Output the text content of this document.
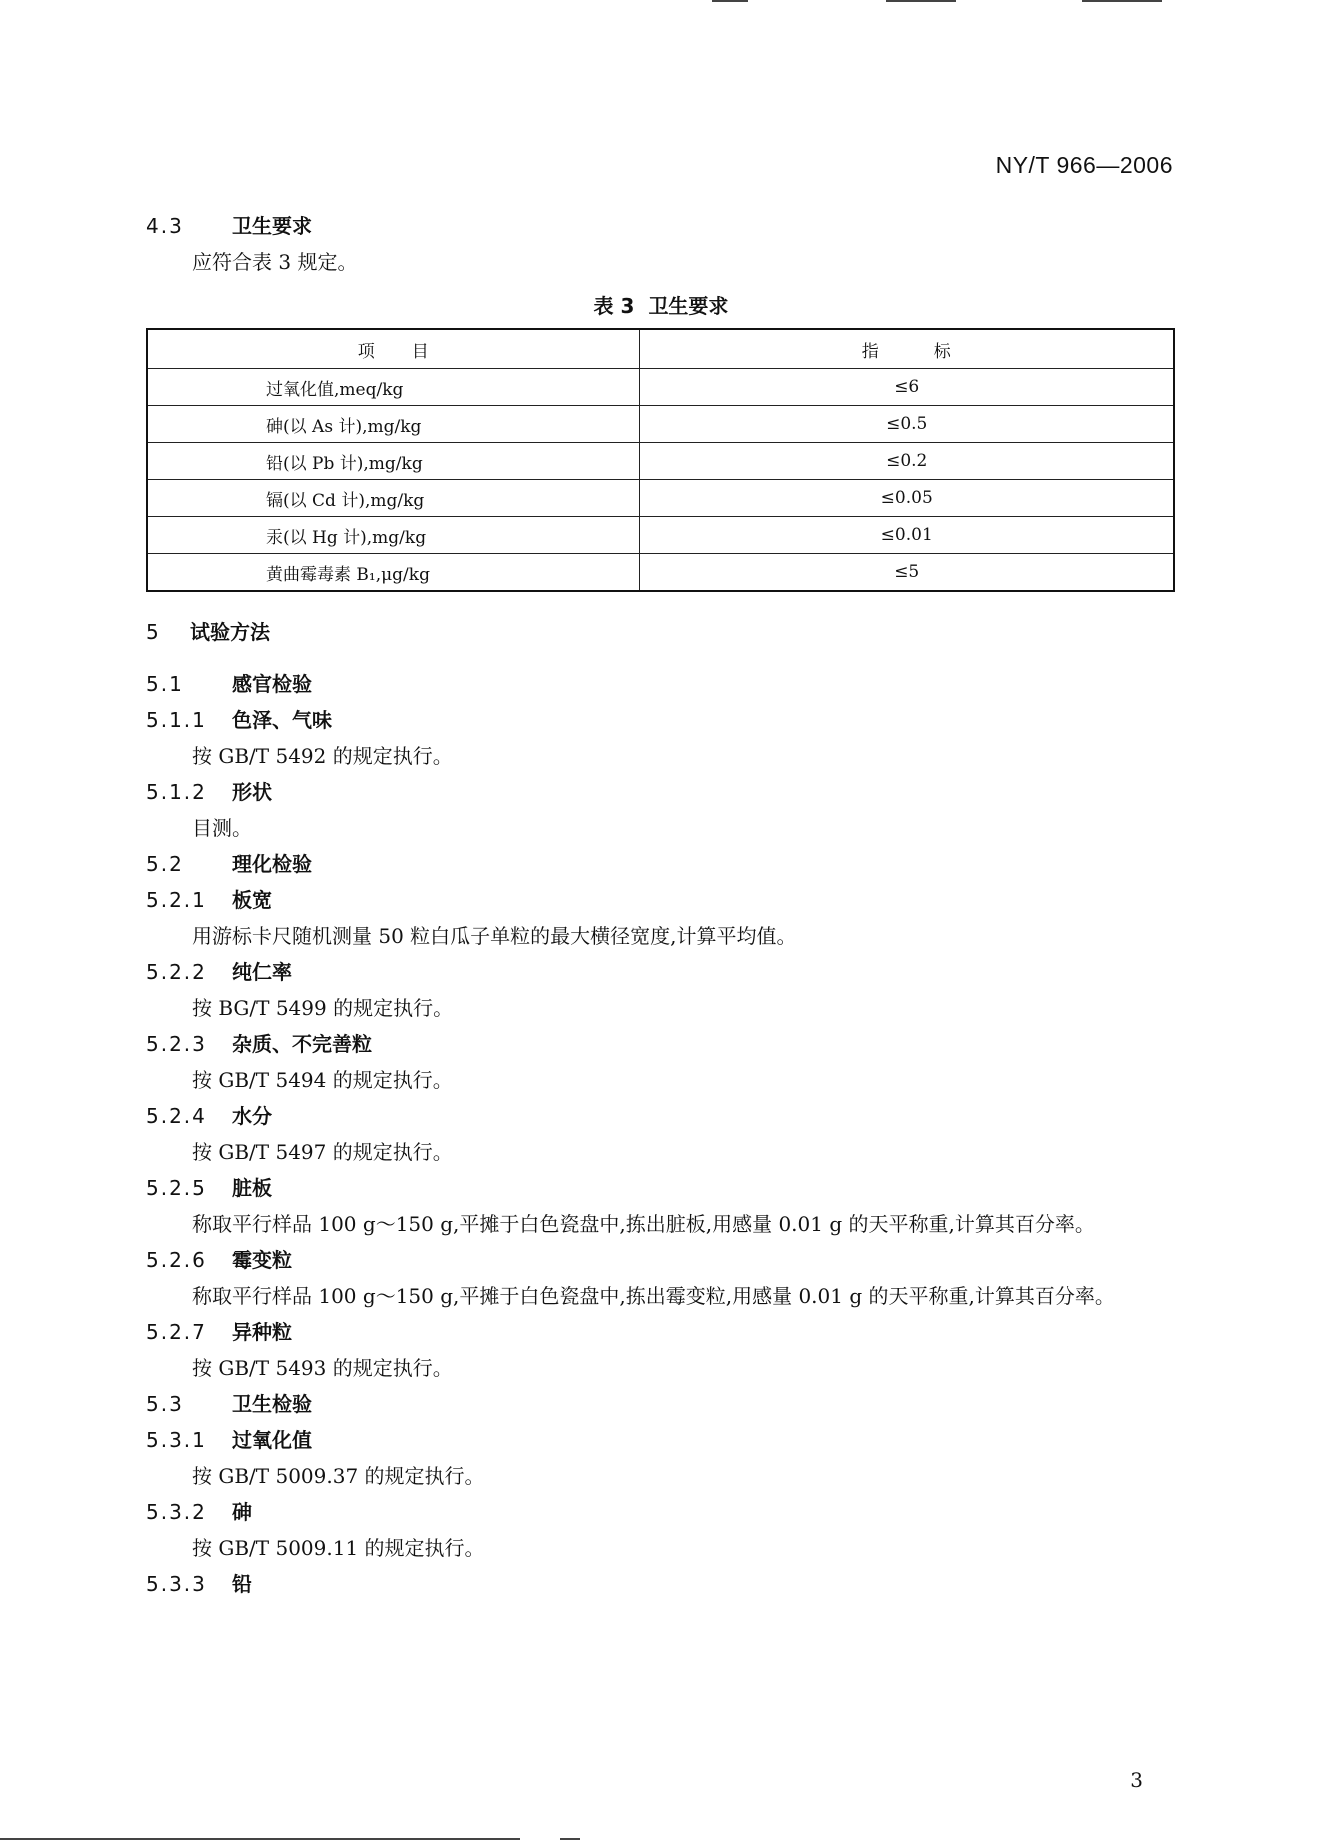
NY/T 966—2006
4.3 卫生要求
应符合表 3 规定。
表 3 卫生要求
项　　目	指　　　标
过氧化值,meq/kg	≤6
砷(以 As 计),mg/kg	≤0.5
铅(以 Pb 计),mg/kg	≤0.2
镉(以 Cd 计),mg/kg	≤0.05
汞(以 Hg 计),mg/kg	≤0.01
黄曲霉毒素 B₁,μg/kg	≤5
5 试验方法
5.1 感官检验
5.1.1 色泽、气味
按 GB/T 5492 的规定执行。
5.1.2 形状
目测。
5.2 理化检验
5.2.1 板宽
用游标卡尺随机测量 50 粒白瓜子单粒的最大横径宽度,计算平均值。
5.2.2 纯仁率
按 BG/T 5499 的规定执行。
5.2.3 杂质、不完善粒
按 GB/T 5494 的规定执行。
5.2.4 水分
按 GB/T 5497 的规定执行。
5.2.5 脏板
称取平行样品 100 g～150 g,平摊于白色瓷盘中,拣出脏板,用感量 0.01 g 的天平称重,计算其百分率。
5.2.6 霉变粒
称取平行样品 100 g～150 g,平摊于白色瓷盘中,拣出霉变粒,用感量 0.01 g 的天平称重,计算其百分率。
5.2.7 异种粒
按 GB/T 5493 的规定执行。
5.3 卫生检验
5.3.1 过氧化值
按 GB/T 5009.37 的规定执行。
5.3.2 砷
按 GB/T 5009.11 的规定执行。
5.3.3 铅
3
